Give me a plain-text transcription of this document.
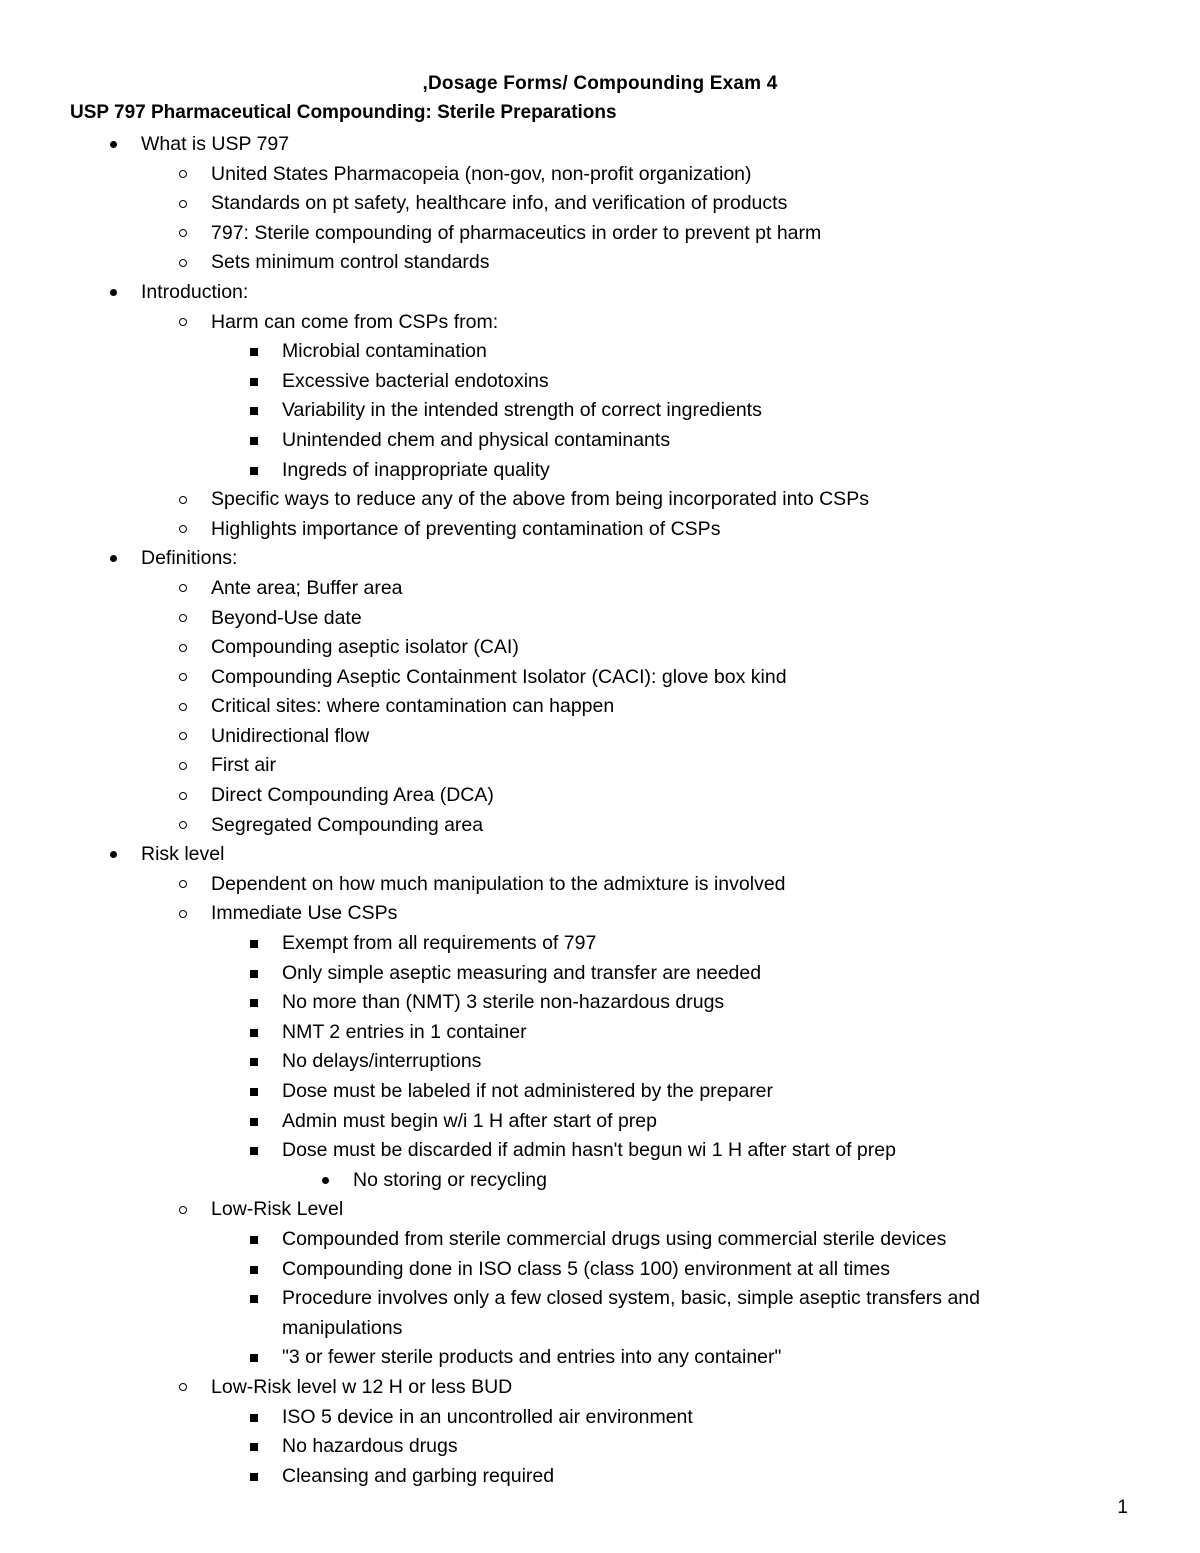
,Dosage Forms/ Compounding Exam 4
USP 797 Pharmaceutical Compounding: Sterile Preparations
What is USP 797
United States Pharmacopeia (non-gov, non-profit organization)
Standards on pt safety, healthcare info, and verification of products
797: Sterile compounding of pharmaceutics in order to prevent pt harm
Sets minimum control standards
Introduction:
Harm can come from CSPs from:
Microbial contamination
Excessive bacterial endotoxins
Variability in the intended strength of correct ingredients
Unintended chem and physical contaminants
Ingreds of inappropriate quality
Specific ways to reduce any of the above from being incorporated into CSPs
Highlights importance of preventing contamination of CSPs
Definitions:
Ante area; Buffer area
Beyond-Use date
Compounding aseptic isolator (CAI)
Compounding Aseptic Containment Isolator (CACI): glove box kind
Critical sites: where contamination can happen
Unidirectional flow
First air
Direct Compounding Area (DCA)
Segregated Compounding area
Risk level
Dependent on how much manipulation to the admixture is involved
Immediate Use CSPs
Exempt from all requirements of 797
Only simple aseptic measuring and transfer are needed
No more than (NMT) 3 sterile non-hazardous drugs
NMT 2 entries in 1 container
No delays/interruptions
Dose must be labeled if not administered by the preparer
Admin must begin w/i 1 H after start of prep
Dose must be discarded if admin hasn't begun wi 1 H after start of prep
No storing or recycling
Low-Risk Level
Compounded from sterile commercial drugs using commercial sterile devices
Compounding done in ISO class 5 (class 100) environment at all times
Procedure involves only a few closed system, basic, simple aseptic transfers and manipulations
"3 or fewer sterile products and entries into any container"
Low-Risk level w 12 H or less BUD
ISO 5 device in an uncontrolled air environment
No hazardous drugs
Cleansing and garbing required
1
